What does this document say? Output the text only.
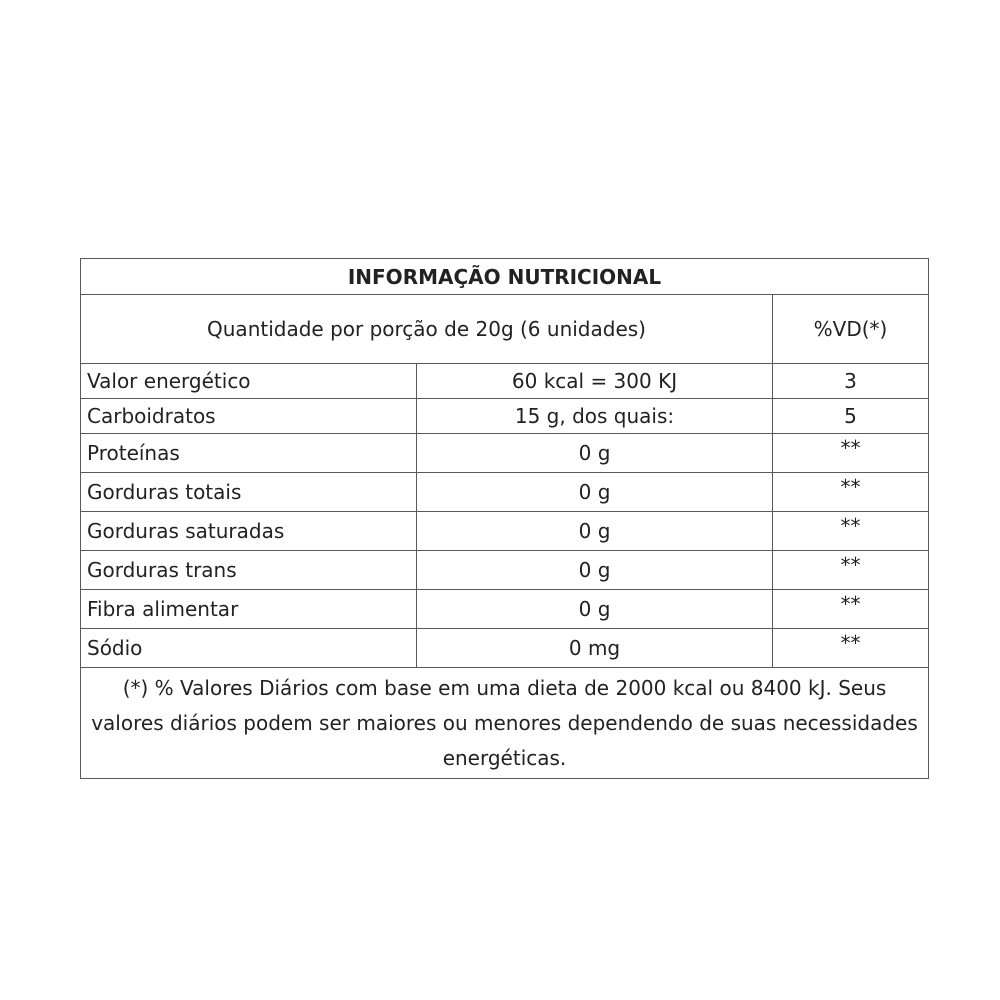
INFORMAÇÃO NUTRICIONAL		
Quantidade por porção de 20g (6 unidades)		%VD(*)
Valor energético	60 kcal = 300 KJ	3
Carboidratos	15 g, dos quais:	5
Proteínas	0 g	**
Gorduras totais	0 g	**
Gorduras saturadas	0 g	**
Gorduras trans	0 g	**
Fibra alimentar	0 g	**
Sódio	0 mg	**
(*) % Valores Diários com base em uma dieta de 2000 kcal ou 8400 kJ. Seus valores diários podem ser maiores ou menores dependendo de suas necessidades energéticas.		
